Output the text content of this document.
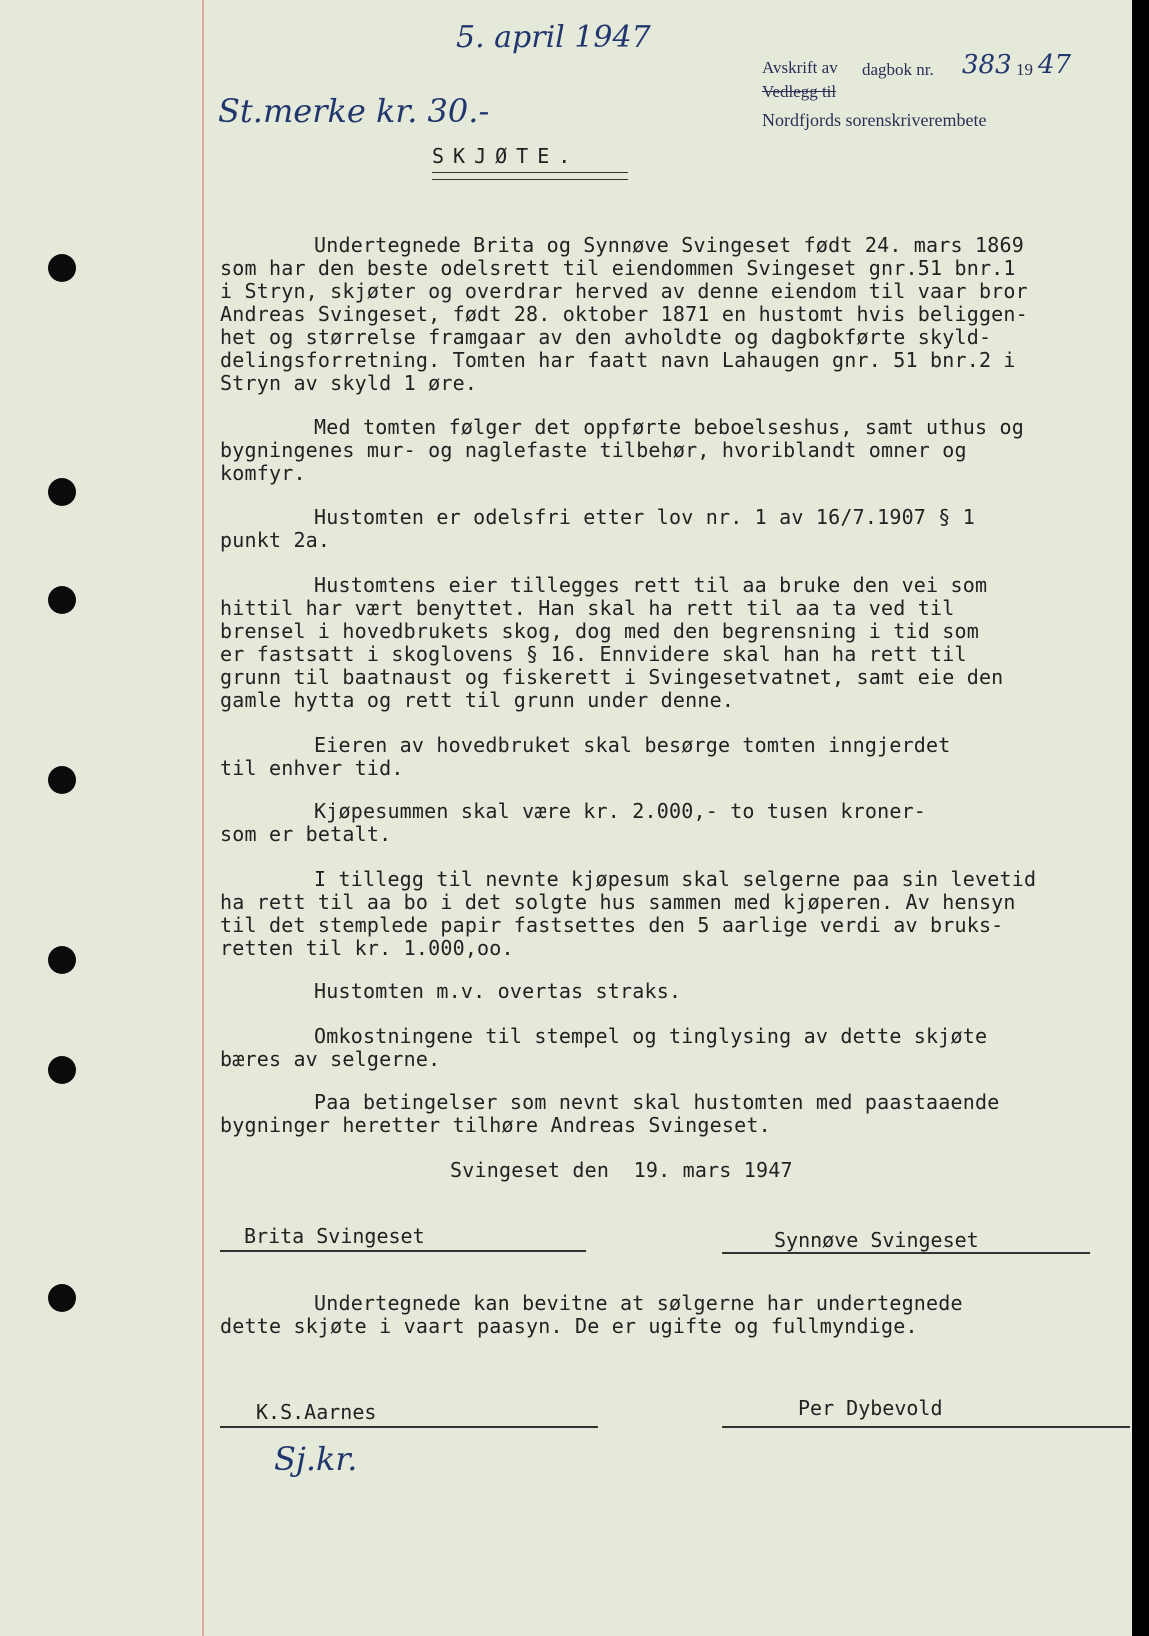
5. april 1947
St.merke kr. 30.-
Sj.kr.
Avskrift av dagbok nr. 383 19 47
Vedlegg til
Nordfjords sorenskriverembete
SKJØTE.
Undertegnede Brita og Synnøve Svingeset født 24. mars 1869
som har den beste odelsrett til eiendommen Svingeset gnr.51 bnr.1
i Stryn, skjøter og overdrar herved av denne eiendom til vaar bror
Andreas Svingeset, født 28. oktober 1871 en hustomt hvis beliggen-
het og størrelse framgaar av den avholdte og dagbokførte skyld-
delingsforretning. Tomten har faatt navn Lahaugen gnr. 51 bnr.2 i
Stryn av skyld 1 øre.
Med tomten følger det oppførte beboelseshus, samt uthus og
bygningenes mur- og naglefaste tilbehør, hvoriblandt omner og
komfyr.
Hustomten er odelsfri etter lov nr. 1 av 16/7.1907 § 1
punkt 2a.
Hustomtens eier tillegges rett til aa bruke den vei som
hittil har vært benyttet. Han skal ha rett til aa ta ved til
brensel i hovedbrukets skog, dog med den begrensning i tid som
er fastsatt i skoglovens § 16. Ennvidere skal han ha rett til
grunn til baatnaust og fiskerett i Svingesetvatnet, samt eie den
gamle hytta og rett til grunn under denne.
Eieren av hovedbruket skal besørge tomten inngjerdet
til enhver tid.
Kjøpesummen skal være kr. 2.000,- to tusen kroner-
som er betalt.
I tillegg til nevnte kjøpesum skal selgerne paa sin levetid
ha rett til aa bo i det solgte hus sammen med kjøperen. Av hensyn
til det stemplede papir fastsettes den 5 aarlige verdi av bruks-
retten til kr. 1.000,oo.
Hustomten m.v. overtas straks.
Omkostningene til stempel og tinglysing av dette skjøte
bæres av selgerne.
Paa betingelser som nevnt skal hustomten med paastaaende
bygninger heretter tilhøre Andreas Svingeset.
Svingeset den  19. mars 1947
Brita Svingeset	Synnøve Svingeset
Undertegnede kan bevitne at sølgerne har undertegnede
dette skjøte i vaart paasyn. De er ugifte og fullmyndige.
K.S.Aarnes	Per Dybevold
